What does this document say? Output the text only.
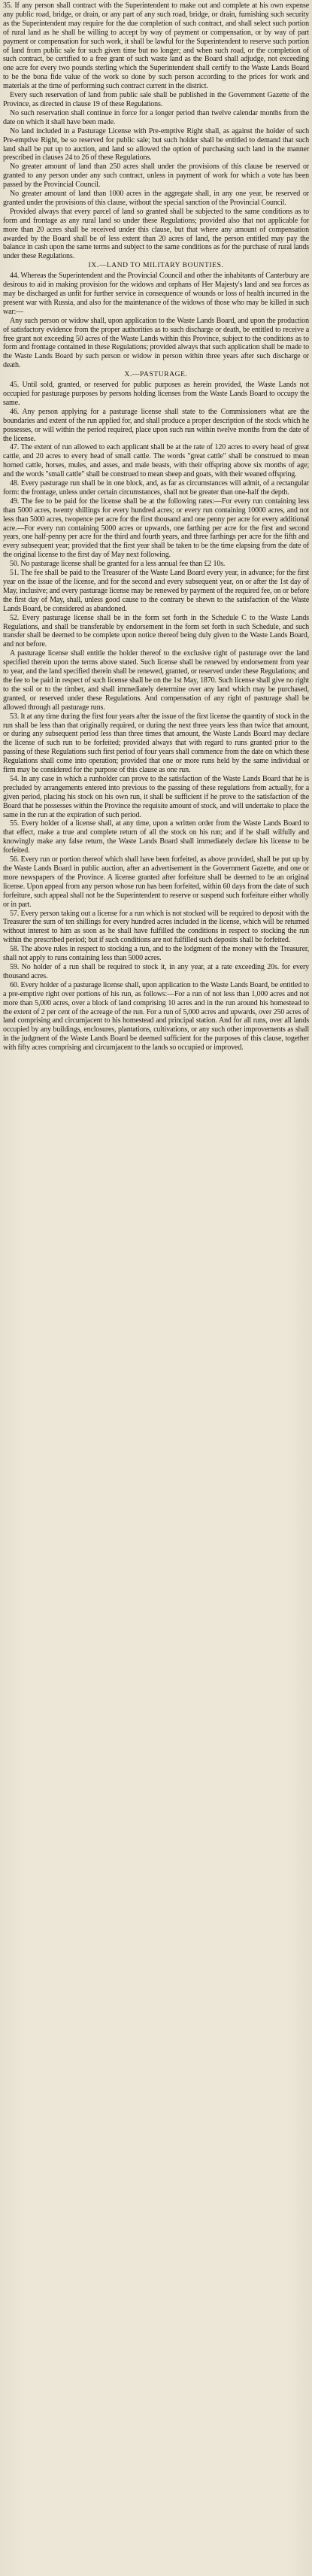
35. If any person shall contract with the Superintendent to make out and complete at his own expense any public road, bridge, or drain, or any part of any such road, bridge, or drain, furnishing such security as the Superintendent may require for the due completion of such contract, and shall select such portion of rural land as he shall be willing to accept by way of payment or compensation, or by way of part payment or compensation for such work, it shall be lawful for the Superintendent to reserve such portion of land from public sale for such given time but no longer; and when such road, or the completion of such contract, be certified to a free grant of such waste land as the Board shall adjudge, not exceeding one acre for every two pounds sterling which the Superintendent shall certify to the Waste Lands Board to be the bona fide value of the work so done by such person according to the prices for work and materials at the time of performing such contract current in the district.

Every such reservation of land from public sale shall be published in the Government Gazette of the Province, as directed in clause 19 of these Regulations.

No such reservation shall continue in force for a longer period than twelve calendar months from the date on which it shall have been made.

No land included in a Pasturage License with Pre-emptive Right shall, as against the holder of such Pre-emptive Right, be so reserved for public sale; but such holder shall be entitled to demand that such land shall be put up to auction, and land so allowed the option of purchasing such land in the manner prescribed in clauses 24 to 26 of these Regulations.

No greater amount of land than 250 acres shall under the provisions of this clause be reserved or granted to any person under any such contract, unless in payment of work for which a vote has been passed by the Provincial Council.

No greater amount of land than 1000 acres in the aggregate shall, in any one year, be reserved or granted under the provisions of this clause, without the special sanction of the Provincial Council.

Provided always that every parcel of land so granted shall be subjected to the same conditions as to form and frontage as any rural land so under these Regulations; provided also that not applicable for more than 20 acres shall be received under this clause, but that where any amount of compensation awarded by the Board shall be of less extent than 20 acres of land, the person entitled may pay the balance in cash upon the same terms and subject to the same conditions as for the purchase of rural lands under these Regulations.

IX.—LAND TO MILITARY BOUNTIES.

44. Whereas the Superintendent and the Provincial Council and other the inhabitants of Canterbury are desirous to aid in making provision for the widows and orphans of Her Majesty's land and sea forces as may be discharged as unfit for further service in consequence of wounds or loss of health incurred in the present war with Russia, and also for the maintenance of the widows of those who may be killed in such war:—

Any such person or widow shall, upon application to the Waste Lands Board, and upon the production of satisfactory evidence from the proper authorities as to such discharge or death, be entitled to receive a free grant not exceeding 50 acres of the Waste Lands within this Province, subject to the conditions as to form and frontage contained in these Regulations; provided always that such application shall be made to the Waste Lands Board by such person or widow in person within three years after such discharge or death.

X.—PASTURAGE.

45. Until sold, granted, or reserved for public purposes as herein provided, the Waste Lands not occupied for pasturage purposes by persons holding licenses from the Waste Lands Board to occupy the same.

46. Any person applying for a pasturage license shall state to the Commissioners what are the boundaries and extent of the run applied for, and shall produce a proper description of the stock which he possesses, or will within the period required, place upon such run within twelve months from the date of the license.

47. The extent of run allowed to each applicant shall be at the rate of 120 acres to every head of great cattle, and 20 acres to every head of small cattle. The words "great cattle" shall be construed to mean horned cattle, horses, mules, and asses, and male beasts, with their offspring above six months of age; and the words "small cattle" shall be construed to mean sheep and goats, with their weaned offspring.

48. Every pasturage run shall be in one block, and, as far as circumstances will admit, of a rectangular form: the frontage, unless under certain circumstances, shall not be greater than one-half the depth.

49. The fee to be paid for the license shall be at the following rates:—For every run containing less than 5000 acres, twenty shillings for every hundred acres; or every run containing 10000 acres, and not less than 5000 acres, twopence per acre for the first thousand and one penny per acre for every additional acre.—For every run containing 5000 acres or upwards, one farthing per acre for the first and second years, one half-penny per acre for the third and fourth years, and three farthings per acre for the fifth and every subsequent year; provided that the first year shall be taken to be the time elapsing from the date of the original license to the first day of May next following.

50. No pasturage license shall be granted for a less annual fee than £2 10s.

51. The fee shall be paid to the Treasurer of the Waste Land Board every year, in advance; for the first year on the issue of the license, and for the second and every subsequent year, on or after the 1st day of May, inclusive; and every pasturage license may be renewed by payment of the required fee, on or before the first day of May, shall, unless good cause to the contrary be shewn to the satisfaction of the Waste Lands Board, be considered as abandoned.

52. Every pasturage license shall be in the form set forth in the Schedule C to the Waste Lands Regulations, and shall be transferable by endorsement in the form set forth in such Schedule, and such transfer shall be deemed to be complete upon notice thereof being duly given to the Waste Lands Board, and not before.

A pasturage license shall entitle the holder thereof to the exclusive right of pasturage over the land specified therein upon the terms above stated. Such license shall be renewed by endorsement from year to year, and the land specified therein shall be renewed, granted, or reserved under these Regulations; and the fee to be paid in respect of such license shall be on the 1st May, 1870. Such license shall give no right to the soil or to the timber, and shall immediately determine over any land which may be purchased, granted, or reserved under these Regulations. And compensation of any right of pasturage shall be allowed through all pasturage runs.

53. It at any time during the first four years after the issue of the first license the quantity of stock in the run shall be less than that originally required, or during the next three years less than twice that amount, or during any subsequent period less than three times that amount, the Waste Lands Board may declare the license of such run to be forfeited; provided always that with regard to runs granted prior to the passing of these Regulations such first period of four years shall commence from the date on which these Regulations shall come into operation; provided that one or more runs held by the same individual or firm may be considered for the purpose of this clause as one run.

54. In any case in which a runholder can prove to the satisfaction of the Waste Lands Board that he is precluded by arrangements entered into previous to the passing of these regulations from actually, for a given period, placing his stock on his own run, it shall be sufficient if he prove to the satisfaction of the Board that he possesses within the Province the requisite amount of stock, and will undertake to place the same in the run at the expiration of such period.

55. Every holder of a license shall, at any time, upon a written order from the Waste Lands Board to that effect, make a true and complete return of all the stock on his run; and if he shall wilfully and knowingly make any false return, the Waste Lands Board shall immediately declare his license to be forfeited.

56. Every run or portion thereof which shall have been forfeited, as above provided, shall be put up by the Waste Lands Board in public auction, after an advertisement in the Government Gazette, and one or more newspapers of the Province. A license granted after forfeiture shall be deemed to be an original license. Upon appeal from any person whose run has been forfeited, within 60 days from the date of such forfeiture, such appeal shall not be the Superintendent to reserve or suspend such forfeiture either wholly or in part.

57. Every person taking out a license for a run which is not stocked will be required to deposit with the Treasurer the sum of ten shillings for every hundred acres included in the license, which will be returned without interest to him as soon as he shall have fulfilled the conditions in respect to stocking the run within the prescribed period; but if such conditions are not fulfilled such deposits shall be forfeited.

58. The above rules in respect to stocking a run, and to the lodgment of the money with the Treasurer, shall not apply to runs containing less than 5000 acres.

59. No holder of a run shall be required to stock it, in any year, at a rate exceeding 20s. for every thousand acres.

60. Every holder of a pasturage license shall, upon application to the Waste Lands Board, be entitled to a pre-emptive right over portions of his run, as follows:—For a run of not less than 1,000 acres and not more than 5,000 acres, over a block of land comprising 10 acres and in the run around his homestead to the extent of 2 per cent of the acreage of the run. For a run of 5,000 acres and upwards, over 250 acres of land comprising and circumjacent to his homestead and principal station. And for all runs, over all lands occupied by any buildings, enclosures, plantations, cultivations, or any such other improvements as shall in the judgment of the Waste Lands Board be deemed sufficient for the purposes of this clause, together with fifty acres comprising and circumjacent to the lands so occupied or improved.
